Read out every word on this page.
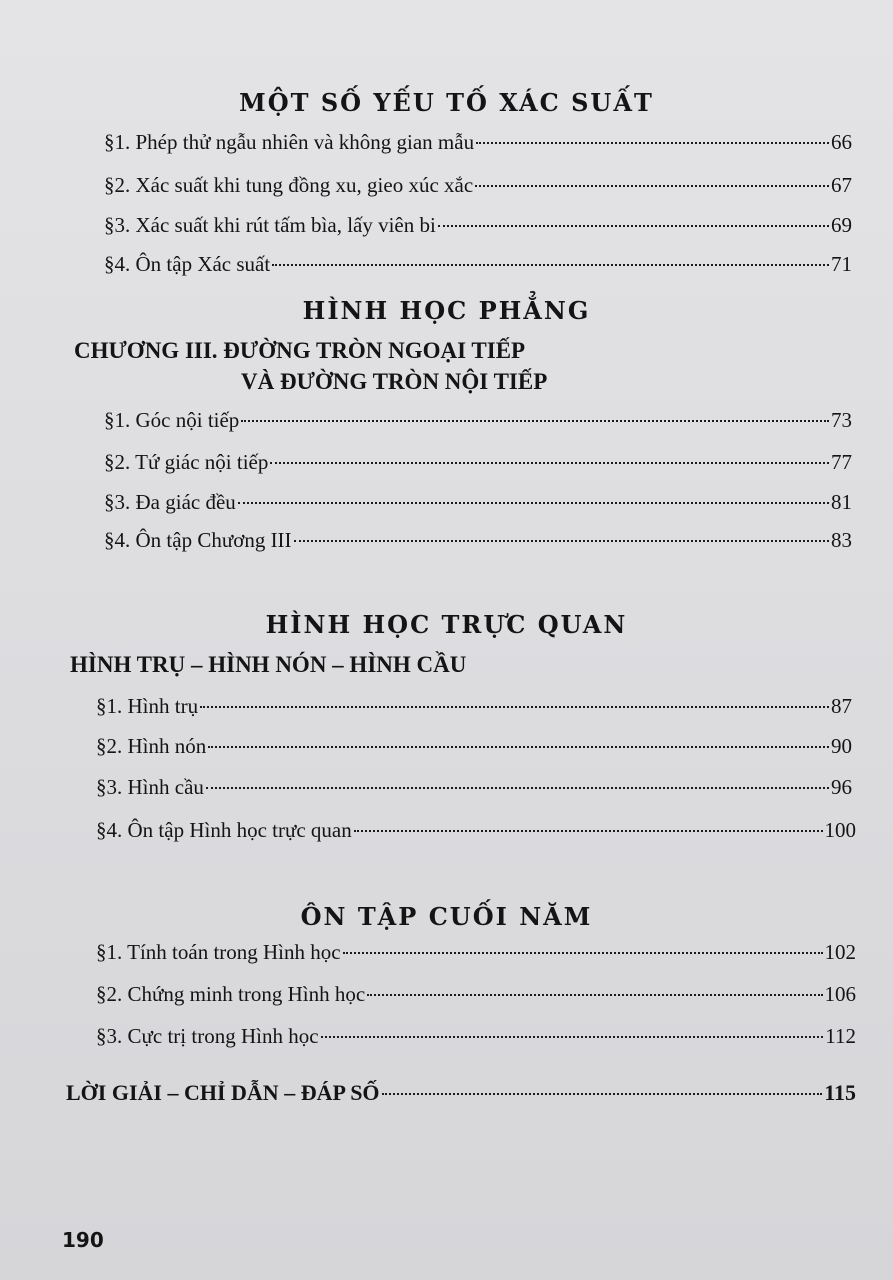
MỘT SỐ YẾU TỐ XÁC SUẤT
§1. Phép thử ngẫu nhiên và không gian mẫu	66
§2. Xác suất khi tung đồng xu, gieo xúc xắc	67
§3. Xác suất khi rút tấm bìa, lấy viên bi	69
§4. Ôn tập Xác suất	71
HÌNH HỌC PHẲNG
CHƯƠNG III. ĐƯỜNG TRÒN NGOẠI TIẾP
VÀ ĐƯỜNG TRÒN NỘI TIẾP
§1. Góc nội tiếp	73
§2. Tứ giác nội tiếp	77
§3. Đa giác đều	81
§4. Ôn tập Chương III	83
HÌNH HỌC TRỰC QUAN
HÌNH TRỤ – HÌNH NÓN – HÌNH CẦU
§1. Hình trụ	87
§2. Hình nón	90
§3. Hình cầu	96
§4. Ôn tập Hình học trực quan	100
ÔN TẬP CUỐI NĂM
§1. Tính toán trong Hình học	102
§2. Chứng minh trong Hình học	106
§3. Cực trị trong Hình học	112
LỜI GIẢI – CHỈ DẪN – ĐÁP SỐ	115
190
